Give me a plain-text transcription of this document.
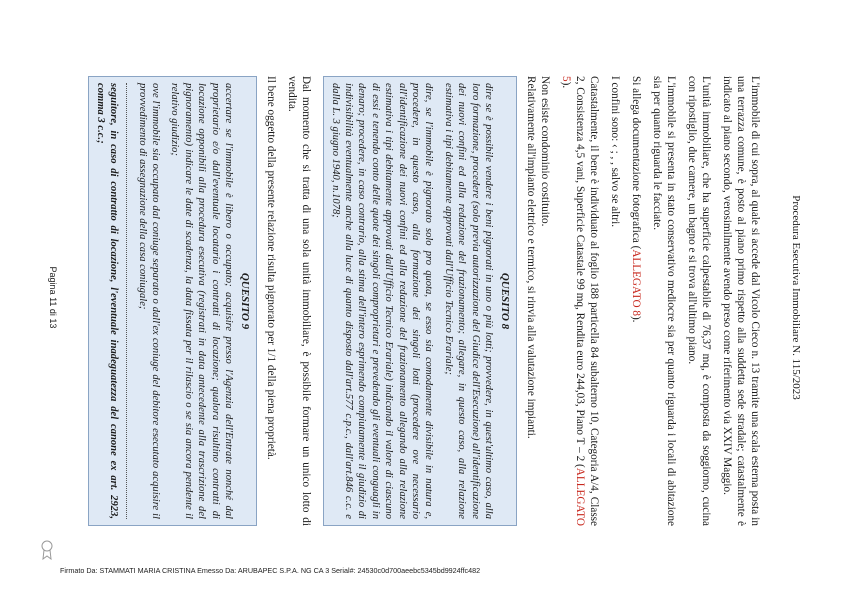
Procedura Esecutiva Immobiliare N. 115/2023

L'immobile di cui sopra, al quale si accede dal Vicolo Cieco n. 13 tramite una scala esterna posta in una terrazza comune, è posto al piano primo rispetto alla suddetta sede stradale; catastalmente è indicato al piano secondo, verosimilmente avendo preso come riferimento via XXIV Maggio.

L'unità immobiliare, che ha superficie calpestabile di 76,37 mq, è composta da soggiorno, cucina con ripostiglio, due camere, un bagno e si trova all'ultimo piano.

L'immobile si presenta in stato conservativo mediocre sia per quanto riguarda i locali di abitazione sia per quanto riguarda le facciate.

Si allega documentazione fotografica (ALLEGATO 8).

I confini sono: ‹ ; , , salvo se altri.

Catastalmente, il bene è individuato al foglio 188 particella 84 subalterno 10, Categoria A/4, Classe 2, Consistenza 4,5 vani, Superficie Catastale 99 mq, Rendita euro 244,03, Piano T – 2 (ALLEGATO 5).

Non esiste condominio costituito.

Relativamente all'impianto elettrico e termico, si rinvia alla valutazione impianti.

QUESITO 8
dire se è possibile vendere i beni pignorati in uno o più lotti; provvedere, in quest'ultimo caso, alla loro formazione, procedere (solo previa autorizzazione del Giudice dell'Esecuzione) all'identificazione dei nuovi confini ed alla redazione del frazionamento; allegare, in questo caso, alla relazione estimativa i tipi debitamente approvati dall'Ufficio Tecnico Erariale;
dire, se l'immobile è pignorato solo pro quota, se esso sia comodamente divisibile in natura e, procedere, in questo caso, alla formazione dei singoli lotti (procedere ove necessario all'identificazione dei nuovi confini ed alla redazione del frazionamento allegando alla relazione estimativa i tipi debitamente approvati dall'Ufficio Tecnico Erariale) indicando il valore di ciascuno di essi e tenendo conto delle quote dei singoli comproprietari e prevedendo gli eventuali conguagli in denaro; procedere, in caso contrario, alla stima dell'intero esprimendo compiutamente il giudizio di indivisibilità eventualmente anche alla luce di quanto disposto dall'art.577 c.p.c., dall'art.846 c.c. e dalla L. 3 giugno 1940, n.1078;

Dal momento che si tratta di una sola unità immobiliare, è possibile formare un unico lotto di vendita.

Il bene oggetto della presente relazione risulta pignorato per 1/1 della piena proprietà.

QUESITO 9
accertare se l'immobile è libero o occupato; acquisire presso l'Agenzia dell'Entrate nonché dal proprietario e/o dall'eventuale locatario i contratti di locazione; qualora risultino contratti di locazione opponibili alla procedura esecutiva (registrati in data antecedente alla trascrizione del pignoramento) indicare le date di scadenza, la data fissata per il rilascio o se sia ancora pendente il relativo giudizio;
ove l'immobile sia occupato dal coniuge separato o dall'ex coniuge del debitore esecutato acquisire il provvedimento di assegnazione della casa coniugale;
seguitore, in caso di contratto di locazione, l'eventuale inadeguatezza del canone ex art. 2923, comma 3 c.c.;
Pagina 11 di 13
Firmato Da: STAMMATI MARIA CRISTINA Emesso Da: ARUBAPEC S.P.A. NG CA 3 Serial#: 24530c0d700aeebc5345bd9924ffc482
